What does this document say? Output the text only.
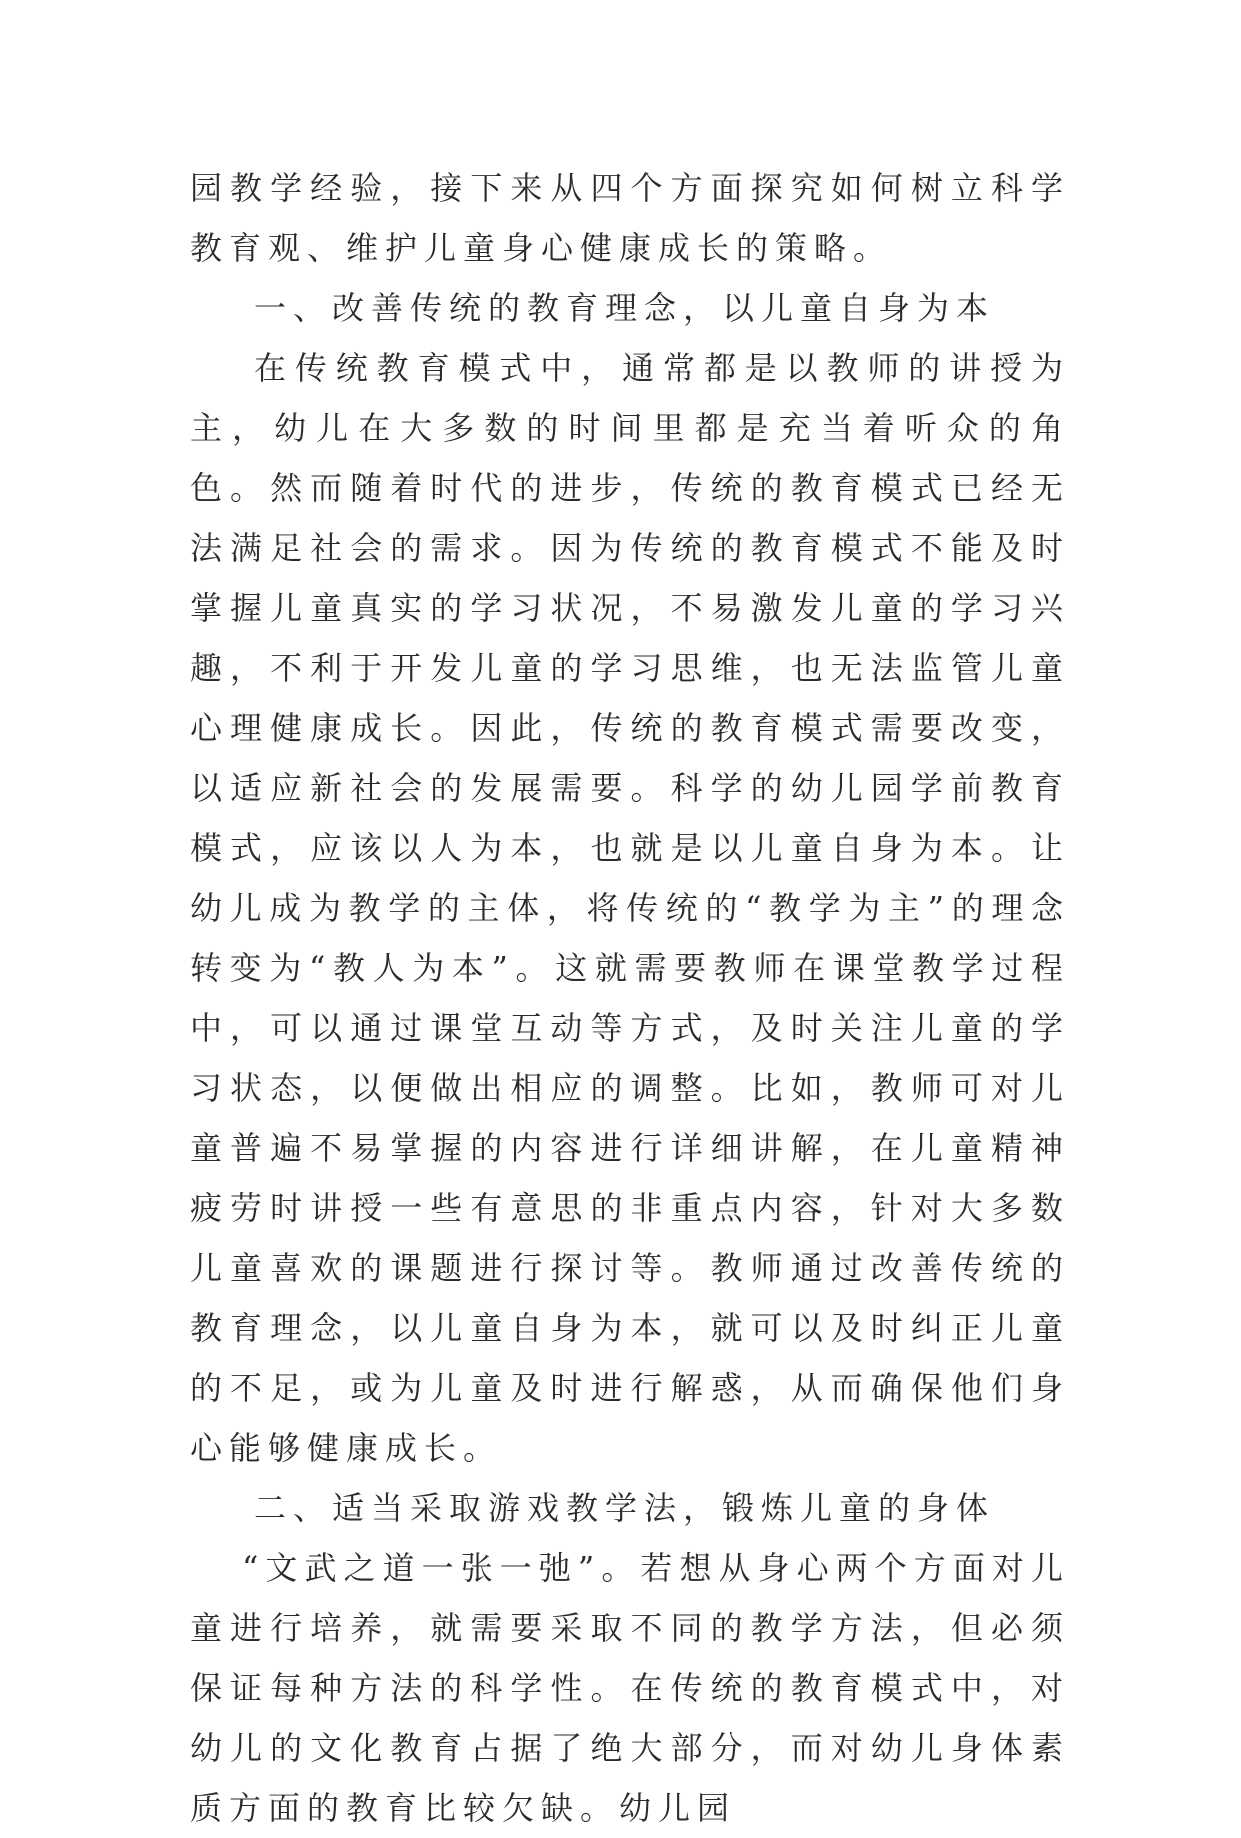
园教学经验，接下来从四个方面探究如何树立科学教育观、维护儿童身心健康成长的策略。

一、改善传统的教育理念，以儿童自身为本

在传统教育模式中，通常都是以教师的讲授为主，幼儿在大多数的时间里都是充当着听众的角色。然而随着时代的进步，传统的教育模式已经无法满足社会的需求。因为传统的教育模式不能及时掌握儿童真实的学习状况，不易激发儿童的学习兴趣，不利于开发儿童的学习思维，也无法监管儿童心理健康成长。因此，传统的教育模式需要改变，以适应新社会的发展需要。科学的幼儿园学前教育模式，应该以人为本，也就是以儿童自身为本。让幼儿成为教学的主体，将传统的“教学为主”的理念转变为“教人为本”。这就需要教师在课堂教学过程中，可以通过课堂互动等方式，及时关注儿童的学习状态，以便做出相应的调整。比如，教师可对儿童普遍不易掌握的内容进行详细讲解，在儿童精神疲劳时讲授一些有意思的非重点内容，针对大多数儿童喜欢的课题进行探讨等。教师通过改善传统的教育理念，以儿童自身为本，就可以及时纠正儿童的不足，或为儿童及时进行解惑，从而确保他们身心能够健康成长。

二、适当采取游戏教学法，锻炼儿童的身体

“文武之道一张一弛”。若想从身心两个方面对儿童进行培养，就需要采取不同的教学方法，但必须保证每种方法的科学性。在传统的教育模式中，对幼儿的文化教育占据了绝大部分，而对幼儿身体素质方面的教育比较欠缺。幼儿园
